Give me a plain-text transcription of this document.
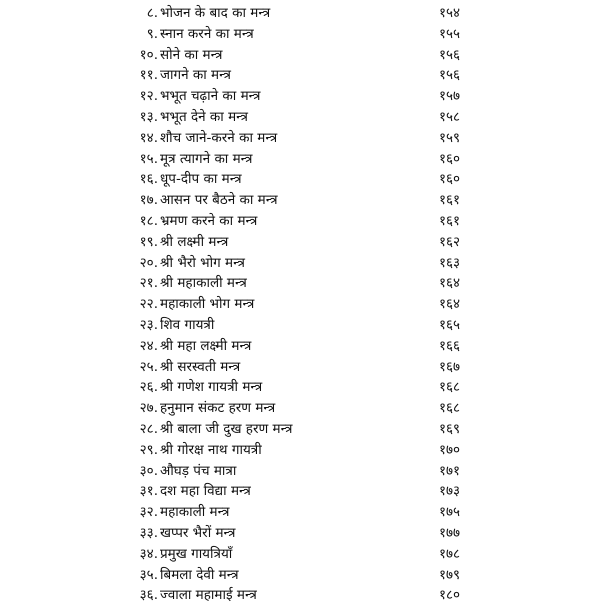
८. भोजन के बाद का मन्त्र	१५४
९. स्नान करने का मन्त्र	१५५
१०. सोने का मन्त्र	१५६
११. जागने का मन्त्र	१५६
१२. भभूत चढ़ाने का मन्त्र	१५७
१३. भभूत देने का मन्त्र	१५८
१४. शौच जाने-करने का मन्त्र	१५९
१५. मूत्र त्यागने का मन्त्र	१६०
१६. धूप-दीप का मन्त्र	१६०
१७. आसन पर बैठने का मन्त्र	१६१
१८. भ्रमण करने का मन्त्र	१६१
१९. श्री लक्ष्मी मन्त्र	१६२
२०. श्री भैरो भोग मन्त्र	१६३
२१. श्री महाकाली मन्त्र	१६४
२२. महाकाली भोग मन्त्र	१६४
२३. शिव गायत्री	१६५
२४. श्री महा लक्ष्मी मन्त्र	१६६
२५. श्री सरस्वती मन्त्र	१६७
२६. श्री गणेश गायत्री मन्त्र	१६८
२७. हनुमान संकट हरण मन्त्र	१६८
२८. श्री बाला जी दुख हरण मन्त्र	१६९
२९. श्री गोरक्ष नाथ गायत्री	१७०
३०. औघड़ पंच मात्रा	१७१
३१. दश महा विद्या मन्त्र	१७३
३२. महाकाली मन्त्र	१७५
३३. खप्पर भैरों मन्त्र	१७७
३४. प्रमुख गायत्रियाँ	१७८
३५. बिमला देवी मन्त्र	१७९
३६. ज्वाला महामाई मन्त्र	१८०
